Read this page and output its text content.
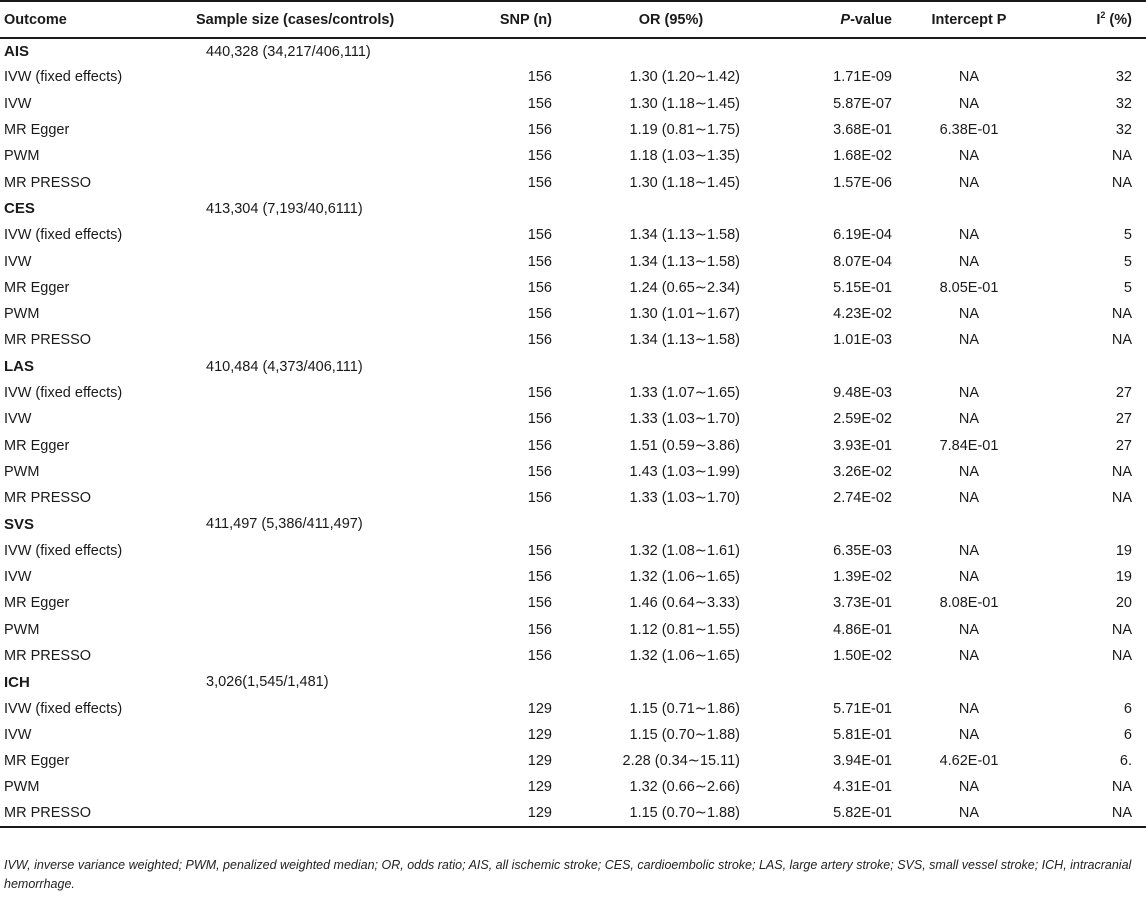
Outcome	Sample size (cases/controls)	SNP (n)	OR (95%)	P-value	Intercept P	$I^2$ (%)
AIS	440,328 (34,217/406,111)					
IVW (fixed effects)		156	1.30 (1.20∼1.42)	1.71E-09	NA	32
IVW		156	1.30 (1.18∼1.45)	5.87E-07	NA	32
MR Egger		156	1.19 (0.81∼1.75)	3.68E-01	6.38E-01	32
PWM		156	1.18 (1.03∼1.35)	1.68E-02	NA	NA
MR PRESSO		156	1.30 (1.18∼1.45)	1.57E-06	NA	NA
CES	413,304 (7,193/40,6111)					
IVW (fixed effects)		156	1.34 (1.13∼1.58)	6.19E-04	NA	5
IVW		156	1.34 (1.13∼1.58)	8.07E-04	NA	5
MR Egger		156	1.24 (0.65∼2.34)	5.15E-01	8.05E-01	5
PWM		156	1.30 (1.01∼1.67)	4.23E-02	NA	NA
MR PRESSO		156	1.34 (1.13∼1.58)	1.01E-03	NA	NA
LAS	410,484 (4,373/406,111)					
IVW (fixed effects)		156	1.33 (1.07∼1.65)	9.48E-03	NA	27
IVW		156	1.33 (1.03∼1.70)	2.59E-02	NA	27
MR Egger		156	1.51 (0.59∼3.86)	3.93E-01	7.84E-01	27
PWM		156	1.43 (1.03∼1.99)	3.26E-02	NA	NA
MR PRESSO		156	1.33 (1.03∼1.70)	2.74E-02	NA	NA
SVS	411,497 (5,386/411,497)					
IVW (fixed effects)		156	1.32 (1.08∼1.61)	6.35E-03	NA	19
IVW		156	1.32 (1.06∼1.65)	1.39E-02	NA	19
MR Egger		156	1.46 (0.64∼3.33)	3.73E-01	8.08E-01	20
PWM		156	1.12 (0.81∼1.55)	4.86E-01	NA	NA
MR PRESSO		156	1.32 (1.06∼1.65)	1.50E-02	NA	NA
ICH	3,026(1,545/1,481)					
IVW (fixed effects)		129	1.15 (0.71∼1.86)	5.71E-01	NA	6
IVW		129	1.15 (0.70∼1.88)	5.81E-01	NA	6
MR Egger		129	2.28 (0.34∼15.11)	3.94E-01	4.62E-01	6.
PWM		129	1.32 (0.66∼2.66)	4.31E-01	NA	NA
MR PRESSO		129	1.15 (0.70∼1.88)	5.82E-01	NA	NA
IVW, inverse variance weighted; PWM, penalized weighted median; OR, odds ratio; AIS, all ischemic stroke; CES, cardioembolic stroke; LAS, large artery stroke; SVS, small vessel stroke; ICH, intracranial hemorrhage.
